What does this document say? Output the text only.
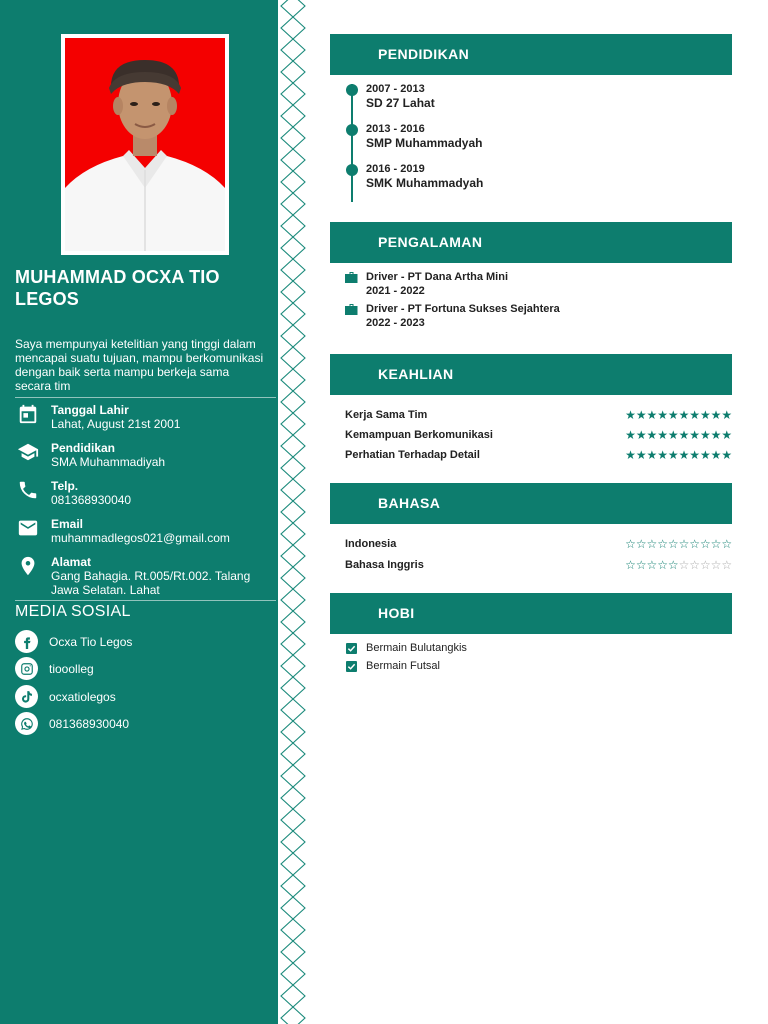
MUHAMMAD OCXA TIO LEGOS
Saya mempunyai ketelitian yang tinggi dalam mencapai suatu tujuan, mampu berkomunikasi dengan baik serta mampu berkeja sama secara tim
Tanggal Lahir
Lahat, August 21st 2001
Pendidikan
SMA Muhammadiyah
Telp.
081368930040
Email
muhammadlegos021@gmail.com
Alamat
Gang Bahagia. Rt.005/Rt.002. Talang Jawa Selatan. Lahat
MEDIA SOSIAL
Ocxa Tio Legos
tiooolleg
ocxatiolegos
081368930040
PENDIDIKAN
2007 - 2013
SD 27 Lahat
2013 - 2016
SMP Muhammadyah
2016 - 2019
SMK Muhammadyah
PENGALAMAN
Driver - PT Dana Artha Mini
2021 - 2022
Driver - PT Fortuna Sukses Sejahtera
2022 - 2023
KEAHLIAN
Kerja Sama Tim	★ ★ ★ ★ ★ ★ ★ ★ ★ ★
Kemampuan Berkomunikasi	★ ★ ★ ★ ★ ★ ★ ★ ★ ★
Perhatian Terhadap Detail	★ ★ ★ ★ ★ ★ ★ ★ ★ ★
BAHASA
Indonesia	☆ ☆ ☆ ☆ ☆ ☆ ☆ ☆ ☆ ☆
Bahasa Inggris	☆ ☆ ☆ ☆ ☆ ☆ ☆ ☆ ☆ ☆
HOBI
Bermain Bulutangkis
Bermain Futsal
